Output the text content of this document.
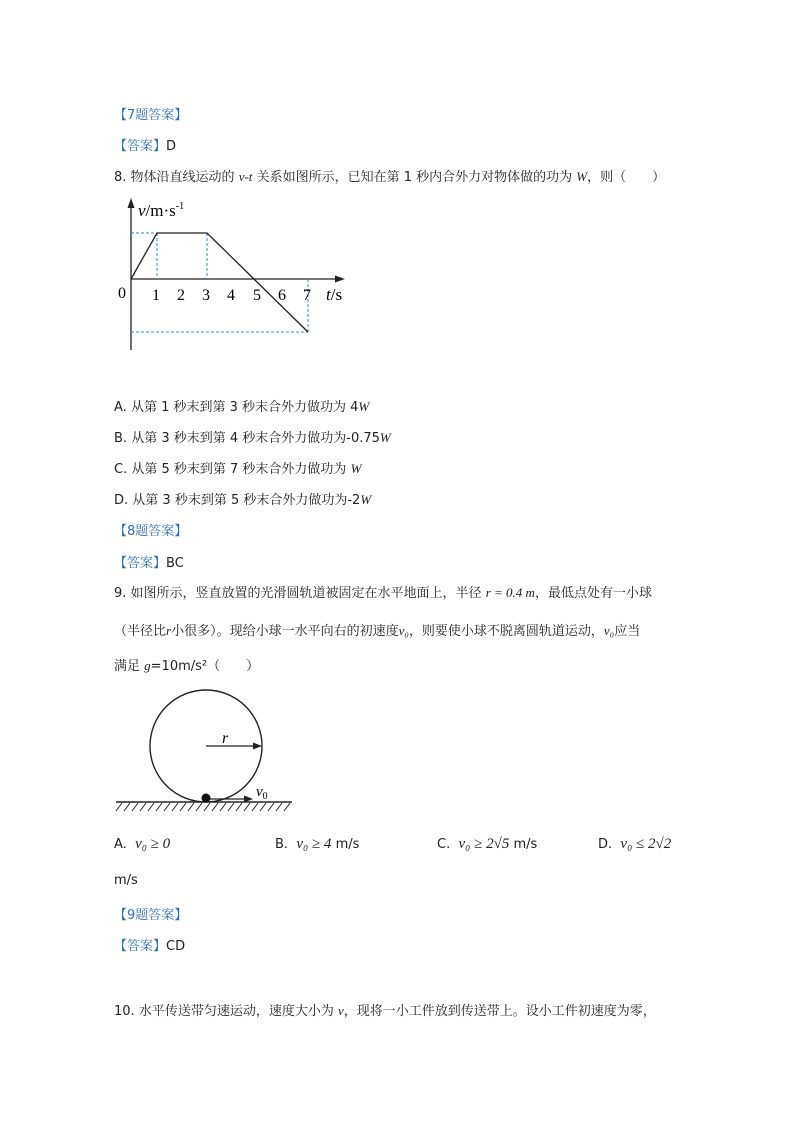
【7题答案】
【答案】D
8. 物体沿直线运动的 v-t 关系如图所示，已知在第 1 秒内合外力对物体做的功为 W，则（　　）
$v/m\cdot s^{-1}$
0 1 2 3 4 5 6 7 t/s
A. 从第 1 秒末到第 3 秒末合外力做功为 4W
B. 从第 3 秒末到第 4 秒末合外力做功为-0.75W
C. 从第 5 秒末到第 7 秒末合外力做功为 W
D. 从第 3 秒末到第 5 秒末合外力做功为-2W
【8题答案】
【答案】BC
9. 如图所示，竖直放置的光滑圆轨道被固定在水平地面上，半径 r = 0.4 m，最低点处有一小球
（半径比r小很多）。现给小球一水平向右的初速度v₀，则要使小球不脱离圆轨道运动，v₀应当
满足 g=10m/s²（　　）
r
$v_0$
A. v₀ ≥ 0	B. v₀ ≥ 4 m/s	C. v₀ ≥ 2√5 m/s	D. v₀ ≤ 2√2
m/s
【9题答案】
【答案】CD
10. 水平传送带匀速运动，速度大小为 v，现将一小工件放到传送带上。设小工件初速度为零，
